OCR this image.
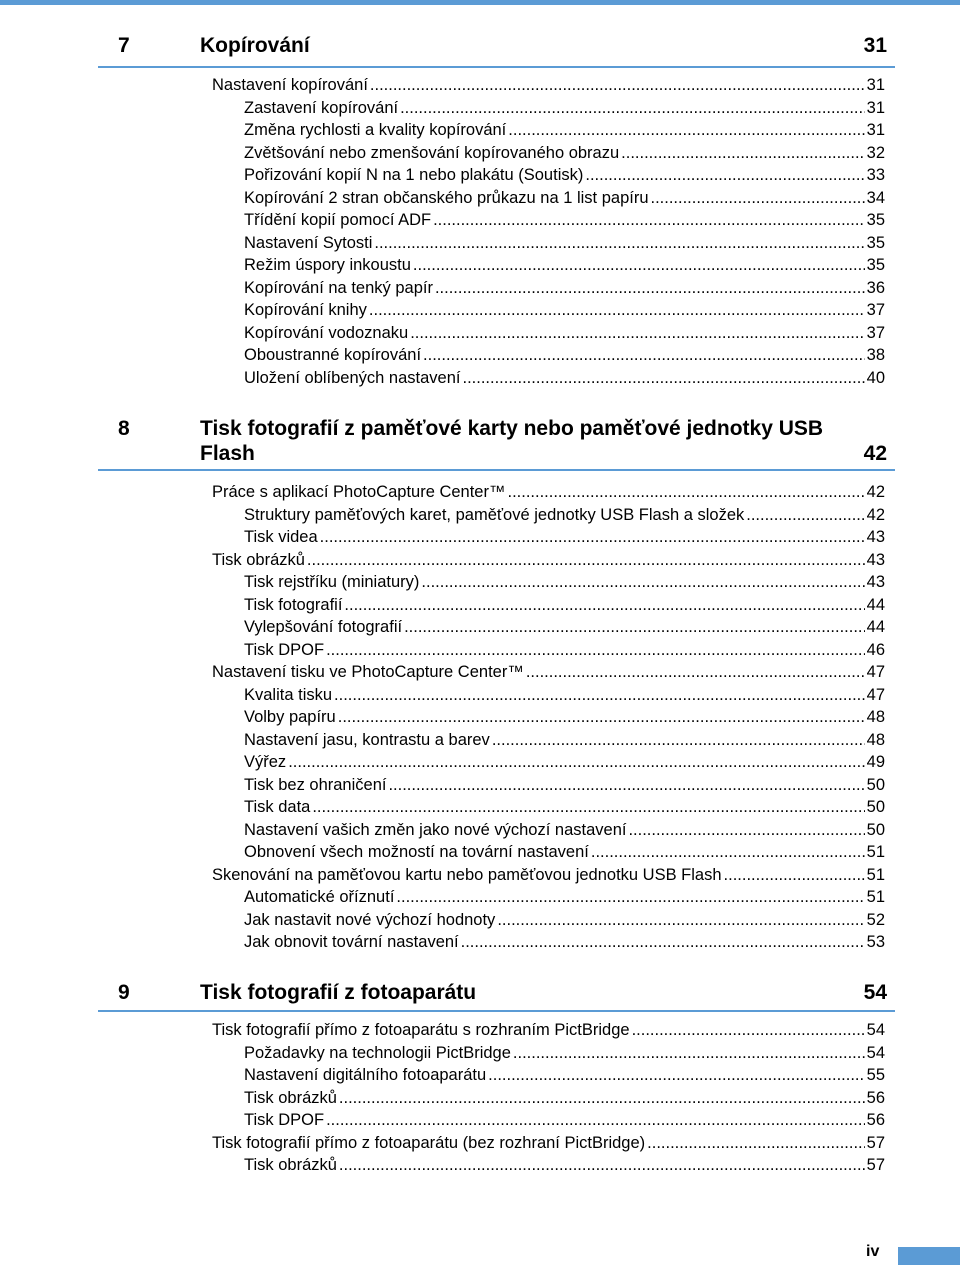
7	Kopírování	31
Nastavení kopírování .....	31
Zastavení kopírování .....	31
Změna rychlosti a kvality kopírování .....	31
Zvětšování nebo zmenšování kopírovaného obrazu .....	32
Pořizování kopií N na 1 nebo plakátu (Soutisk) .....	33
Kopírování 2 stran občanského průkazu na 1 list papíru .....	34
Třídění kopií pomocí ADF .....	35
Nastavení Sytosti .....	35
Režim úspory inkoustu .....	35
Kopírování na tenký papír .....	36
Kopírování knihy .....	37
Kopírování vodoznaku .....	37
Oboustranné kopírování .....	38
Uložení oblíbených nastavení .....	40
8	Tisk fotografií z paměťové karty nebo paměťové jednotky USB
Flash	42
Práce s aplikací PhotoCapture Center™ .....	42
Struktury paměťových karet, paměťové jednotky USB Flash a složek .....	42
Tisk videa .....	43
Tisk obrázků .....	43
Tisk rejstříku (miniatury) .....	43
Tisk fotografií .....	44
Vylepšování fotografií .....	44
Tisk DPOF .....	46
Nastavení tisku ve PhotoCapture Center™ .....	47
Kvalita tisku .....	47
Volby papíru .....	48
Nastavení jasu, kontrastu a barev .....	48
Výřez .....	49
Tisk bez ohraničení .....	50
Tisk data .....	50
Nastavení vašich změn jako nové výchozí nastavení .....	50
Obnovení všech možností na tovární nastavení .....	51
Skenování na paměťovou kartu nebo paměťovou jednotku USB Flash .....	51
Automatické oříznutí .....	51
Jak nastavit nové výchozí hodnoty .....	52
Jak obnovit tovární nastavení .....	53
9	Tisk fotografií z fotoaparátu	54
Tisk fotografií přímo z fotoaparátu s rozhraním PictBridge .....	54
Požadavky na technologii PictBridge .....	54
Nastavení digitálního fotoaparátu .....	55
Tisk obrázků .....	56
Tisk DPOF .....	56
Tisk fotografií přímo z fotoaparátu (bez rozhraní PictBridge) .....	57
Tisk obrázků .....	57
iv
